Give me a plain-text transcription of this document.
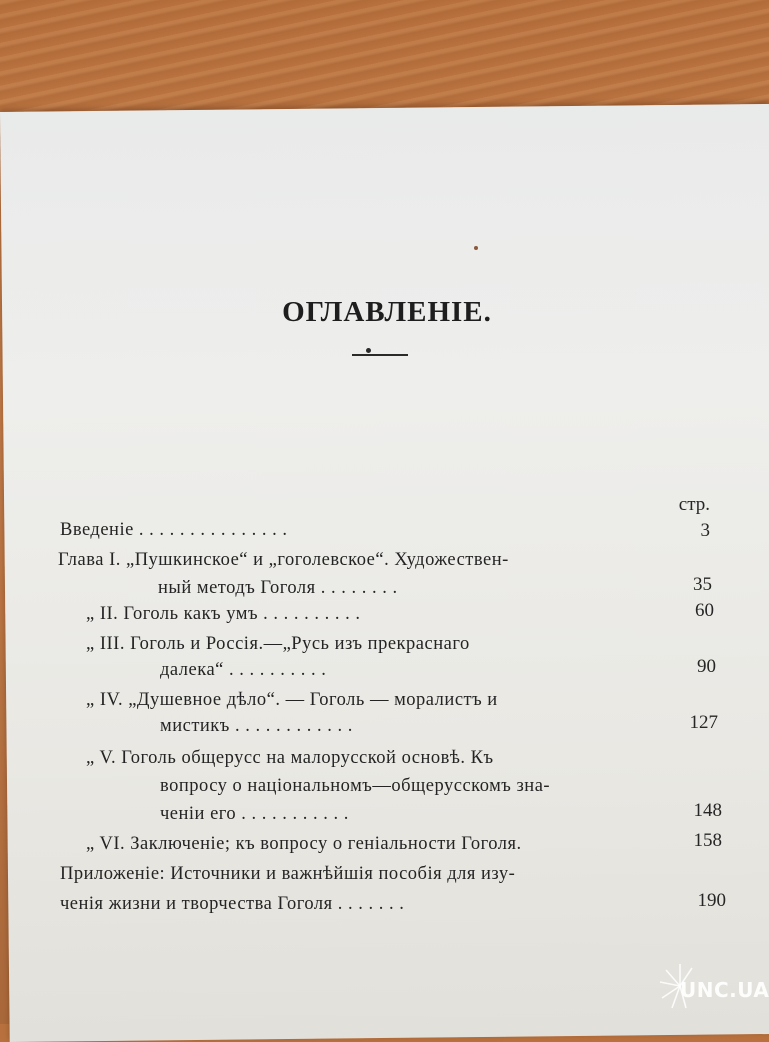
ОГЛАВЛЕНIЕ.
стр.
Введенiе . . . . . . . . . . . . . . .	3
Глава I. „Пушкинское“ и „гоголевское“. Художествен-
ный методъ Гоголя . . . . . . . .	35
„ II. Гоголь какъ умъ . . . . . . . . . .	60
„ III. Гоголь и Россiя.—„Русь изъ прекраснаго
далека“ . . . . . . . . . .	90
„ IV. „Душевное дѣло“. — Гоголь — моралистъ и
мистикъ . . . . . . . . . . . .	127
„ V. Гоголь общерусс на малорусской основѣ. Къ
вопросу о нацiональномъ—общерусскомъ зна-
ченiи его . . . . . . . . . . .	148
„ VI. Заключенiе; къ вопросу о генiальности Гоголя.	158
Приложенiе: Источники и важнѣйшiя пособiя для изу-
ченiя жизни и творчества Гоголя . . . . . . .	190
UNC.UA
